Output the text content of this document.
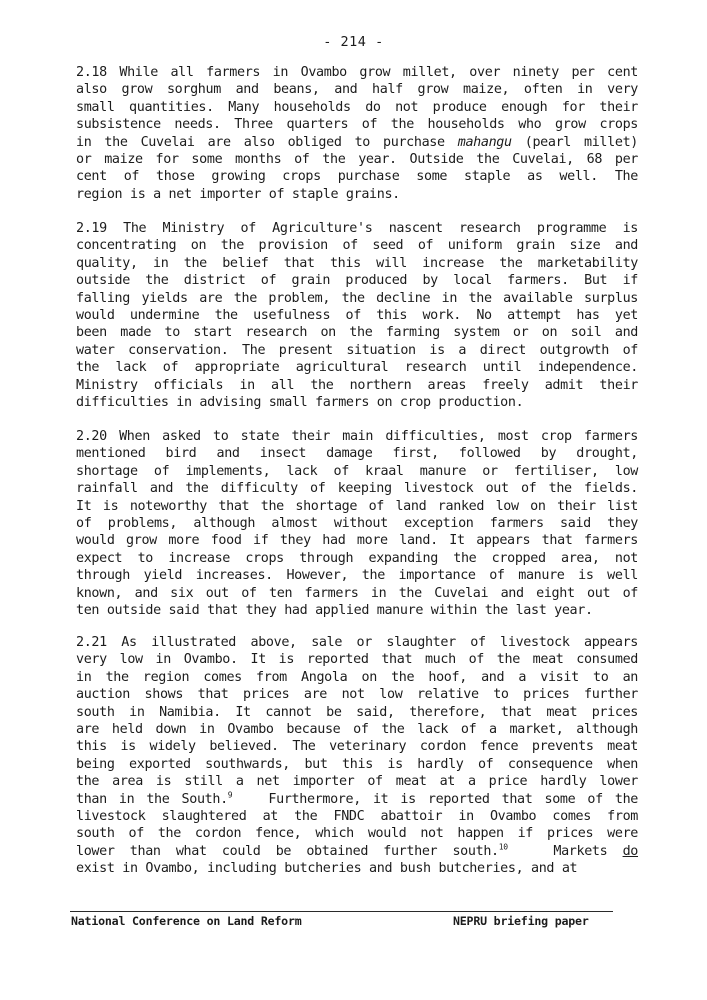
- 214 -
2.18 While all farmers in Ovambo grow millet, over ninety per cent
also grow sorghum and beans, and half grow maize, often in very
small quantities. Many households do not produce enough for their
subsistence needs. Three quarters of the households who grow crops
in the Cuvelai are also obliged to purchase mahangu (pearl millet)
or maize for some months of the year. Outside the Cuvelai, 68 per
cent of those growing crops purchase some staple as well. The
region is a net importer of staple grains.
2.19 The Ministry of Agriculture's nascent research programme is
concentrating on the provision of seed of uniform grain size and
quality, in the belief that this will increase the marketability
outside the district of grain produced by local farmers. But if
falling yields are the problem, the decline in the available surplus
would undermine the usefulness of this work. No attempt has yet
been made to start research on the farming system or on soil and
water conservation. The present situation is a direct outgrowth of
the lack of appropriate agricultural research until independence.
Ministry officials in all the northern areas freely admit their
difficulties in advising small farmers on crop production.
2.20 When asked to state their main difficulties, most crop farmers
mentioned bird and insect damage first, followed by drought,
shortage of implements, lack of kraal manure or fertiliser, low
rainfall and the difficulty of keeping livestock out of the fields.
It is noteworthy that the shortage of land ranked low on their list
of problems, although almost without exception farmers said they
would grow more food if they had more land. It appears that farmers
expect to increase crops through expanding the cropped area, not
through yield increases. However, the importance of manure is well
known, and six out of ten farmers in the Cuvelai and eight out of
ten outside said that they had applied manure within the last year.
2.21 As illustrated above, sale or slaughter of livestock appears
very low in Ovambo. It is reported that much of the meat consumed
in the region comes from Angola on the hoof, and a visit to an
auction shows that prices are not low relative to prices further
south in Namibia. It cannot be said, therefore, that meat prices
are held down in Ovambo because of the lack of a market, although
this is widely believed. The veterinary cordon fence prevents meat
being exported southwards, but this is hardly of consequence when
the area is still a net importer of meat at a price hardly lower
than in the South.$^9$	Furthermore, it is reported that some of the
livestock slaughtered at the FNDC abattoir in Ovambo comes from
south of the cordon fence, which would not happen if prices were
lower than what could be obtained further south.$^{10}$	Markets do
exist in Ovambo, including butcheries and bush butcheries, and at
National Conference on Land Reform	NEPRU briefing paper
